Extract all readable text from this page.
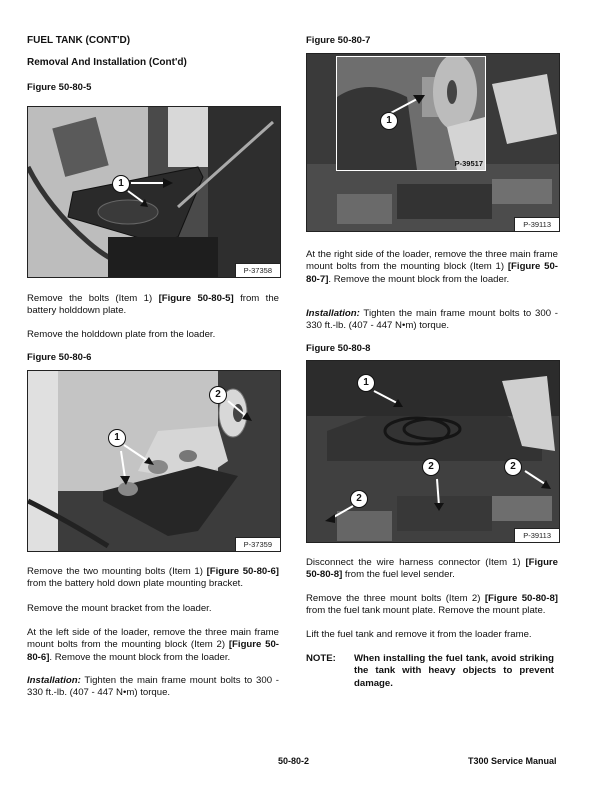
FUEL TANK (CONT'D)
Removal And Installation (Cont'd)
Figure 50-80-5
1
P-37358
Remove the bolts (Item 1) [Figure 50-80-5] from the battery holddown plate.
Remove the holddown plate from the loader.
Figure 50-80-6
1
2
P-37359
Remove the two mounting bolts (Item 1) [Figure 50-80-6] from the battery hold down plate mounting bracket.
Remove the mount bracket from the loader.
At the left side of the loader, remove the three main frame mount bolts from the mounting block (Item 2) [Figure 50-80-6]. Remove the mount block from the loader.
Installation: Tighten the main frame mount bolts to 300 - 330 ft.-lb. (407 - 447 N•m) torque.
Figure 50-80-7
1
P-39517
P-39113
At the right side of the loader, remove the three main frame mount bolts from the mounting block (Item 1) [Figure 50-80-7]. Remove the mount block from the loader.
Installation: Tighten the main frame mount bolts to 300 - 330 ft.-lb. (407 - 447 N•m) torque.
Figure 50-80-8
1
2	2
2
P-39113
Disconnect the wire harness connector (Item 1) [Figure 50-80-8] from the fuel level sender.
Remove the three mount bolts (Item 2) [Figure 50-80-8] from the fuel tank mount plate. Remove the mount plate.
Lift the fuel tank and remove it from the loader frame.
NOTE: When installing the fuel tank, avoid striking the tank with heavy objects to prevent damage.
50-80-2	T300 Service Manual
